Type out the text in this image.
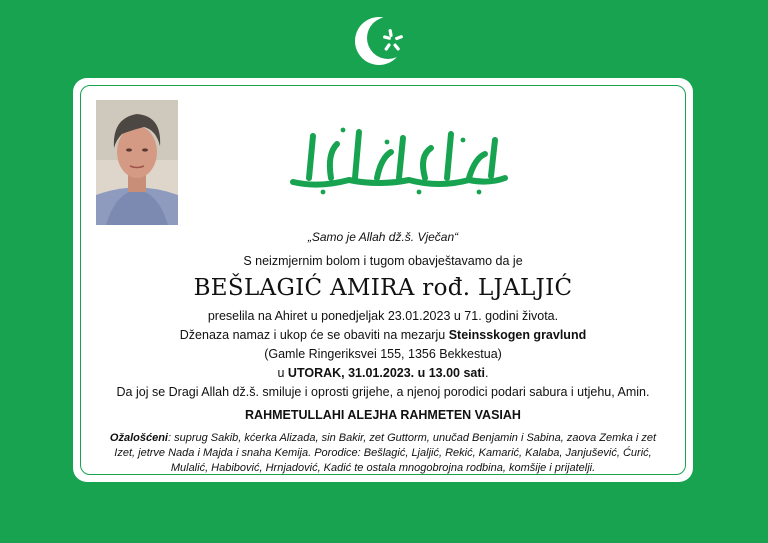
„Samo je Allah dž.š. Vječan“
S neizmjernim bolom i tugom obavještavamo da je
BEŠLAGIĆ AMIRA rođ. LJALJIĆ
preselila na Ahiret u ponedjeljak 23.01.2023 u 71. godini života.
Dženaza namaz i ukop će se obaviti na mezarju Steinsskogen gravlund
(Gamle Ringeriksvei 155, 1356 Bekkestua)
u UTORAK, 31.01.2023. u 13.00 sati.
Da joj se Dragi Allah dž.š. smiluje i oprosti grijehe, a njenoj porodici podari sabura i utjehu, Amin.
RAHMETULLAHI ALEJHA RAHMETEN VASIAH
Ožalošćeni: suprug Sakib, kćerka Alizada, sin Bakir, zet Guttorm, unučad Benjamin i Sabina, zaova Zemka i zet Izet, jetrve Nada i Majda i snaha Kemija. Porodice: Bešlagić, Ljaljić, Rekić, Kamarić, Kalaba, Janjušević, Ćurić, Mulalić, Habibović, Hrnjadović, Kadić te ostala mnogobrojna rodbina, komšije i prijatelji.
